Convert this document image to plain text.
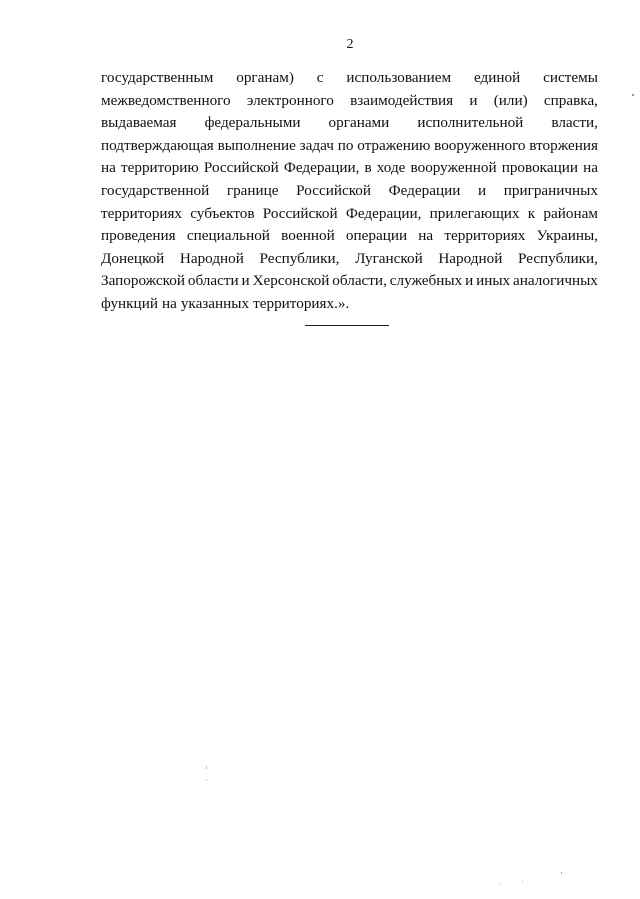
2
государственным органам) с использованием единой системы
межведомственного электронного взаимодействия и (или) справка,
выдаваемая федеральными органами исполнительной власти,
подтверждающая выполнение задач по отражению вооруженного вторжения
на территорию Российской Федерации, в ходе вооруженной провокации на
государственной границе Российской Федерации и приграничных
территориях субъектов Российской Федерации, прилегающих к районам
проведения специальной военной операции на территориях Украины,
Донецкой Народной Республики, Луганской Народной Республики,
Запорожской области и Херсонской области, служебных и иных аналогичных
функций на указанных территориях.».
